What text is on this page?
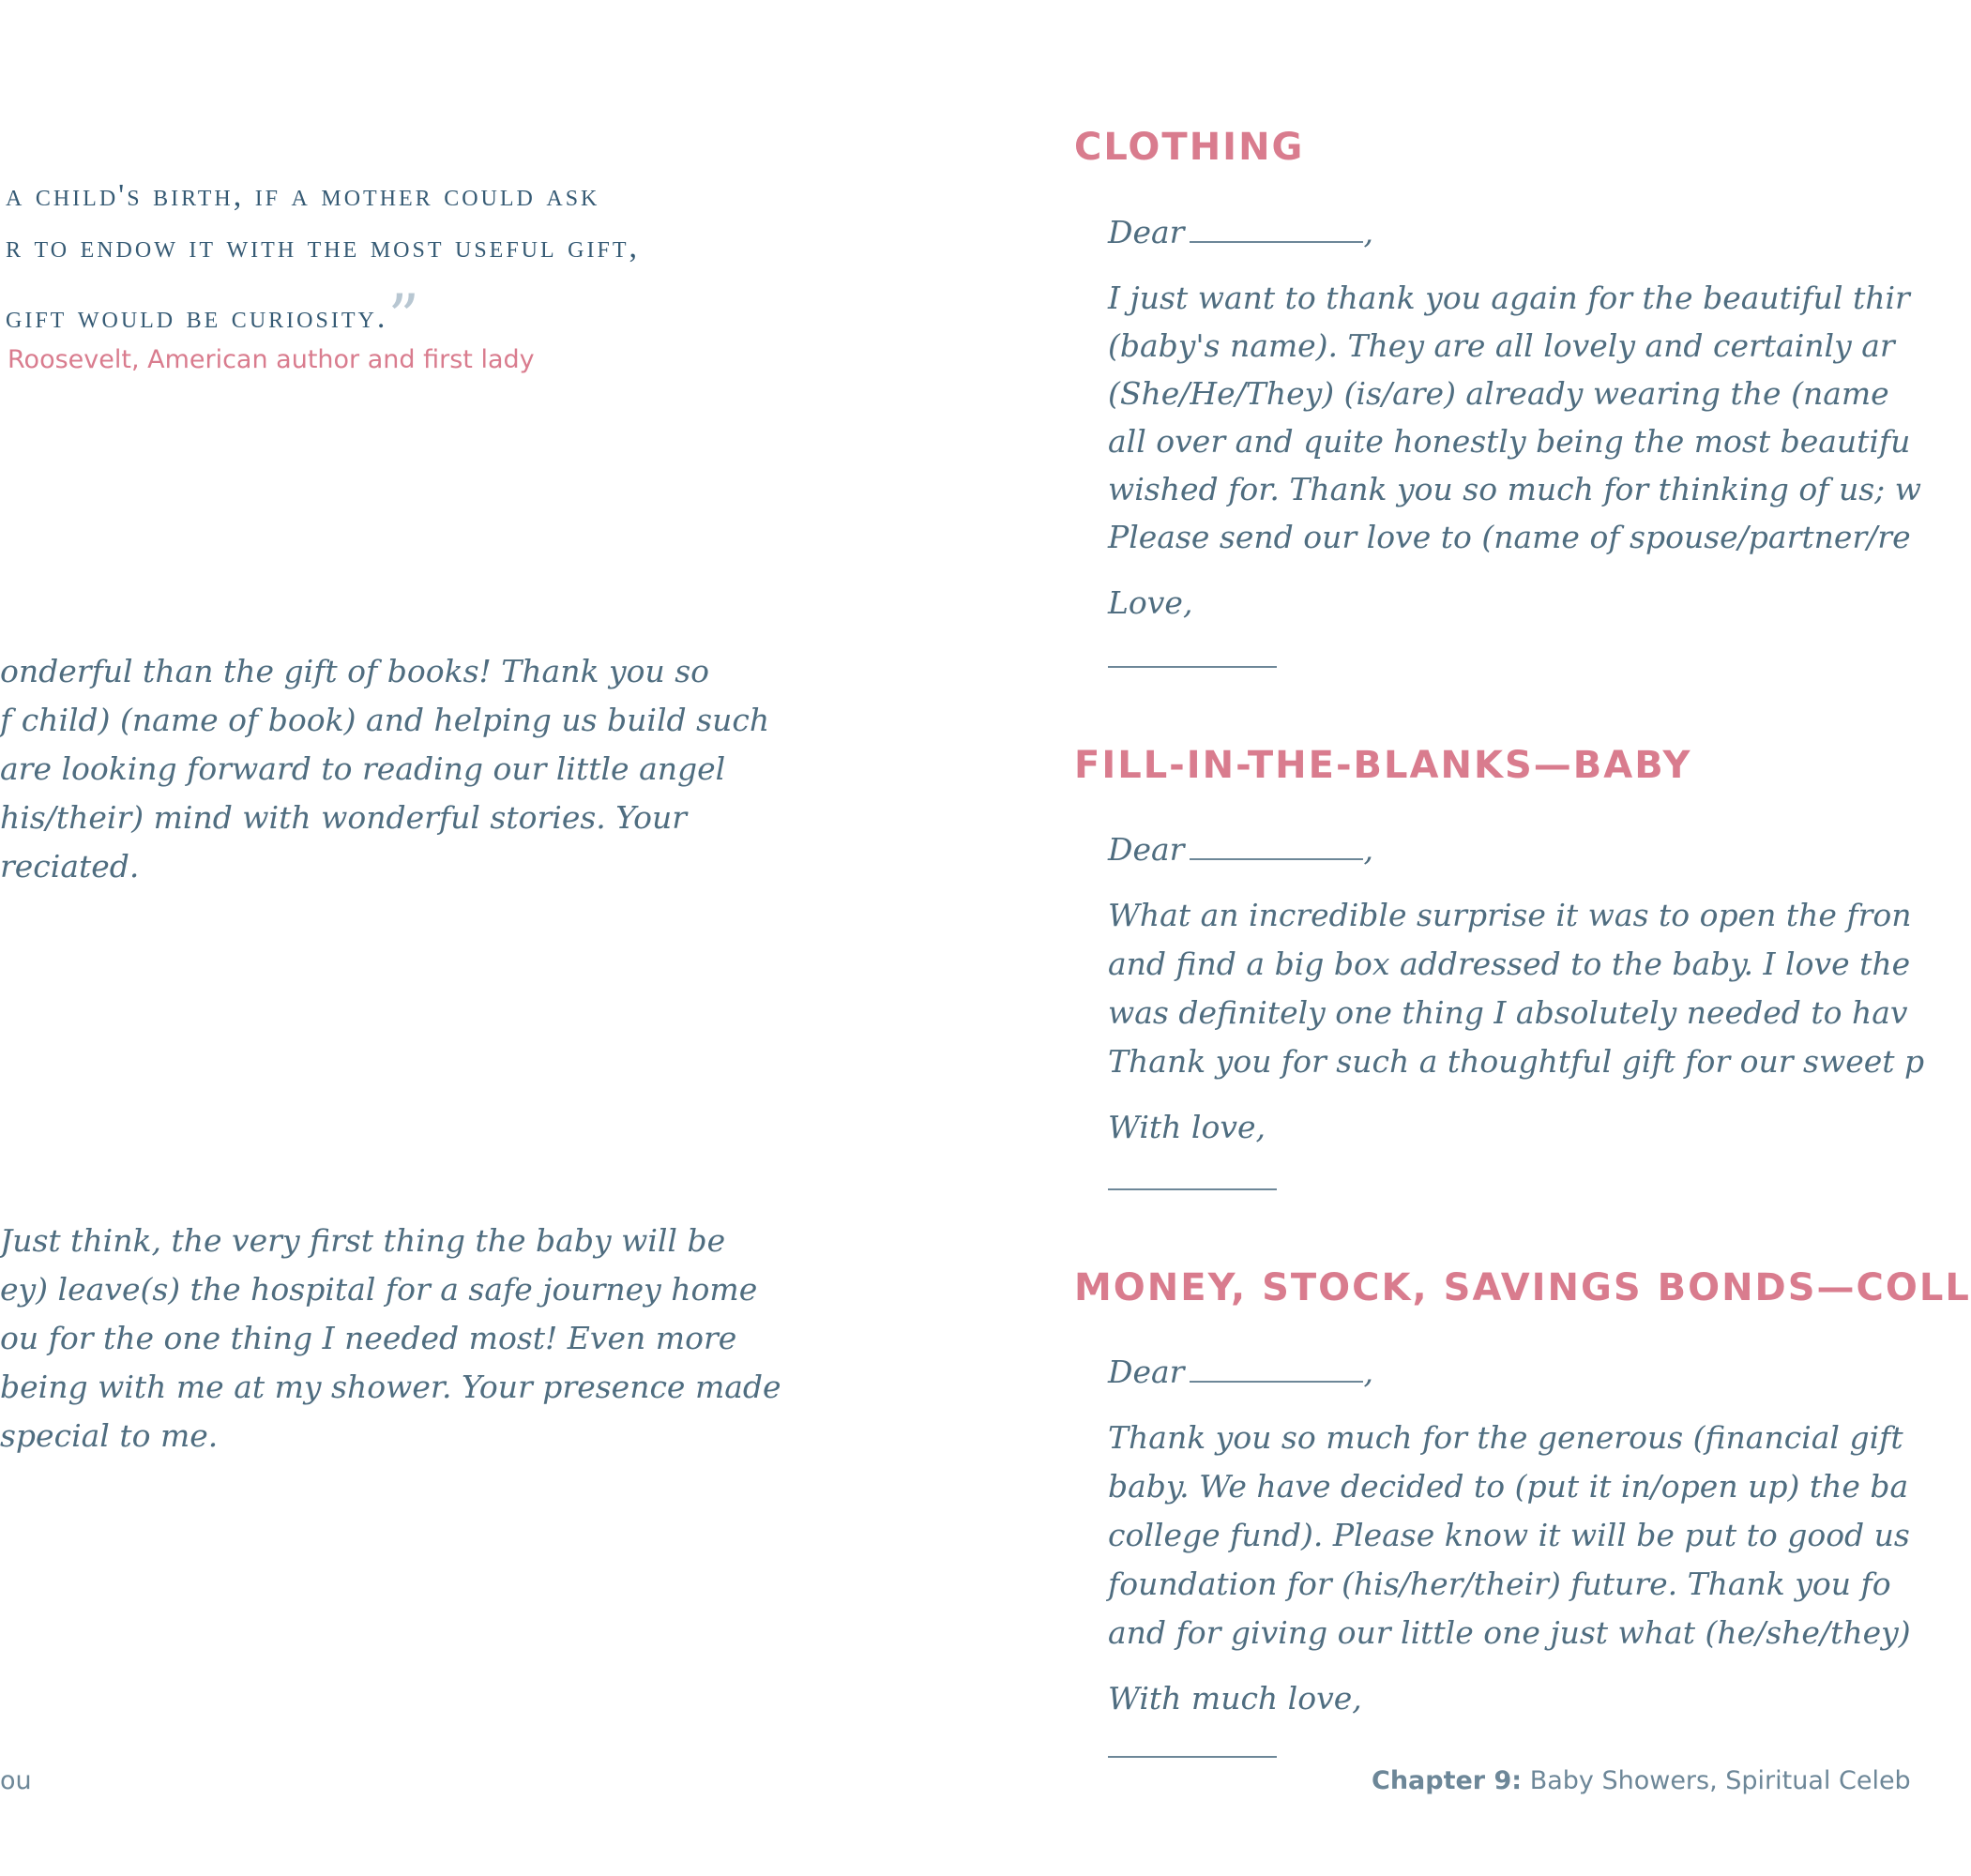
a child's birth, if a mother could ask
r to endow it with the most useful gift,
gift would be curiosity.”
Roosevelt, American author and first lady
onderful than the gift of books! Thank you so
f child) (name of book) and helping us build such
are looking forward to reading our little angel
his/their) mind with wonderful stories. Your
reciated.
Just think, the very first thing the baby will be
ey) leave(s) the hospital for a safe journey home
ou for the one thing I needed most! Even more
being with me at my shower. Your presence made
special to me.
ou
CLOTHING
Dear	,
I just want to thank you again for the beautiful thir
(baby's name). They are all lovely and certainly ar
(She/He/They) (is/are) already wearing the (name
all over and quite honestly being the most beautifu
wished for. Thank you so much for thinking of us; w
Please send our love to (name of spouse/partner/re
Love,
FILL-IN-THE-BLANKS—BABY
Dear	,
What an incredible surprise it was to open the fron
and find a big box addressed to the baby. I love the
was definitely one thing I absolutely needed to hav
Thank you for such a thoughtful gift for our sweet p
With love,
MONEY, STOCK, SAVINGS BONDS—COLL
Dear	,
Thank you so much for the generous (financial gift
baby. We have decided to (put it in/open up) the ba
college fund). Please know it will be put to good us
foundation for (his/her/their) future. Thank you fo
and for giving our little one just what (he/she/they)
With much love,
Chapter 9: Baby Showers, Spiritual Celeb
